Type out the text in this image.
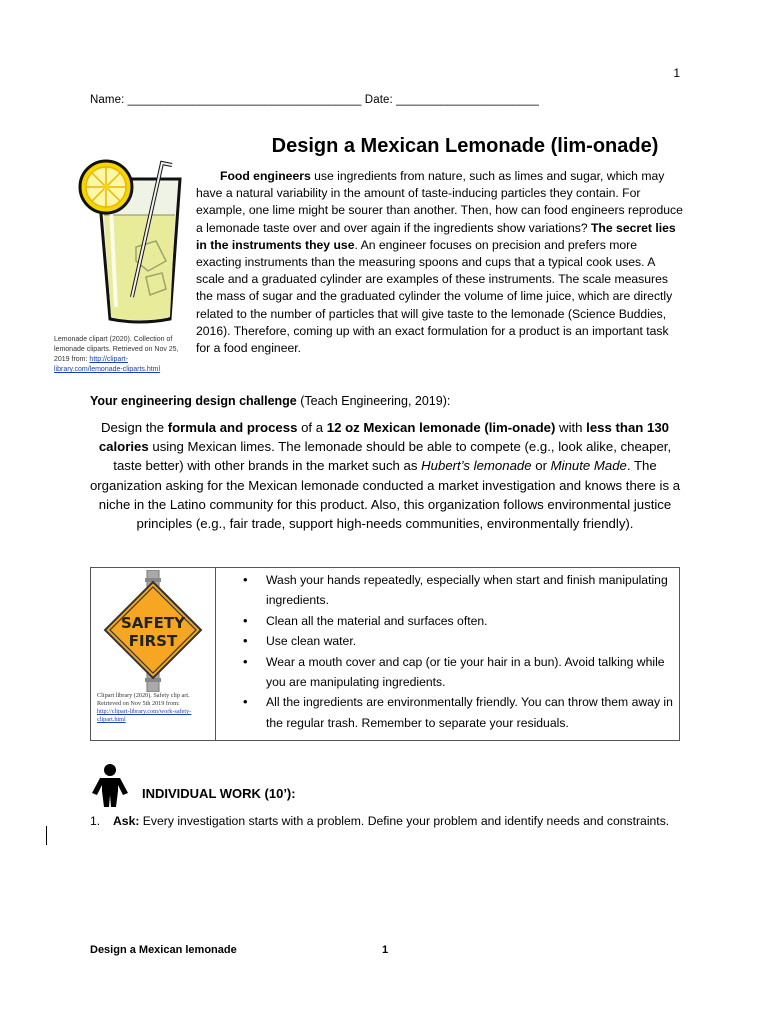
1
Name: ____________________________________ Date: ______________________
Design a Mexican Lemonade (lim-onade)
Lemonade clipart (2020). Collection of lemonade cliparts. Retrieved on Nov 25, 2019 from: http://clipart-library.com/lemonade-cliparts.html

Food engineers use ingredients from nature, such as limes and sugar, which may have a natural variability in the amount of taste-inducing particles they contain. For example, one lime might be sourer than another. Then, how can food engineers reproduce a lemonade taste over and over again if the ingredients show variations? The secret lies in the instruments they use. An engineer focuses on precision and prefers more exacting instruments than the measuring spoons and cups that a typical cook uses. A scale and a graduated cylinder are examples of these instruments. The scale measures the mass of sugar and the graduated cylinder the volume of lime juice, which are directly related to the number of particles that will give taste to the lemonade (Science Buddies, 2016). Therefore, coming up with an exact formulation for a product is an important task for a food engineer.

Your engineering design challenge (Teach Engineering, 2019):
Design the formula and process of a 12 oz Mexican lemonade (lim-onade) with less than 130 calories using Mexican limes. The lemonade should be able to compete (e.g., look alike, cheaper, taste better) with other brands in the market such as Hubert’s lemonade or Minute Made. The organization asking for the Mexican lemonade conducted a market investigation and knows there is a niche in the Latino community for this product. Also, this organization follows environmental justice principles (e.g., fair trade, support high-needs communities, environmentally friendly).
SAFETY
FIRST
Clipart library (2020). Safety clip art. Retrieved on Nov 5th 2019 from: http://clipart-library.com/work-safety-clipart.html
• Wash your hands repeatedly, especially when start and finish manipulating ingredients.
• Clean all the material and surfaces often.
• Use clean water.
• Wear a mouth cover and cap (or tie your hair in a bun). Avoid talking while you are manipulating ingredients.
• All the ingredients are environmentally friendly. You can throw them away in the regular trash. Remember to separate your residuals.
INDIVIDUAL WORK (10’):
1. Ask: Every investigation starts with a problem. Define your problem and identify needs and constraints.
Design a Mexican lemonade	1
